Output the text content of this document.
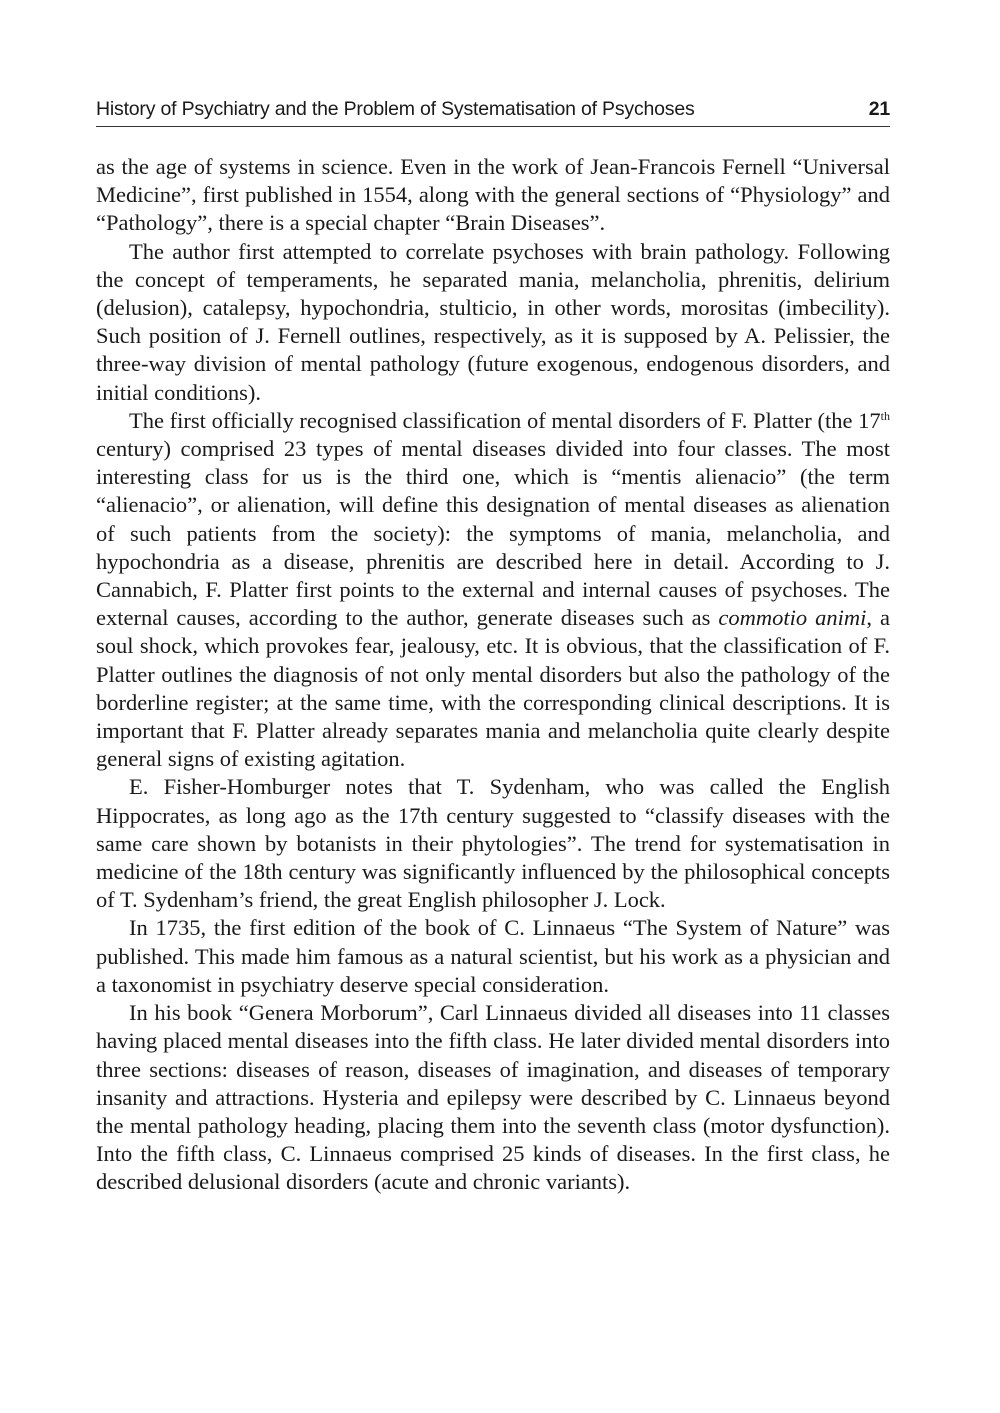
History of Psychiatry and the Problem of Systematisation of Psychoses	21

as the age of systems in science. Even in the work of Jean-Francois Fernell “Universal Medicine”, first published in 1554, along with the general sections of “Physiology” and “Pathology”, there is a special chapter “Brain Diseases”.

The author first attempted to correlate psychoses with brain pathology. Following the concept of temperaments, he separated mania, melancholia, phrenitis, delirium (delusion), catalepsy, hypochondria, stulticio, in other words, morositas (imbecility). Such position of J. Fernell outlines, respectively, as it is supposed by A. Pelissier, the three-way division of mental pathology (future exogenous, endogenous disorders, and initial conditions).

The first officially recognised classification of mental disorders of F. Platter (the 17th century) comprised 23 types of mental diseases divided into four classes. The most interesting class for us is the third one, which is “mentis alienacio” (the term “alienacio”, or alienation, will define this designation of mental diseases as alienation of such patients from the society): the symptoms of mania, melancholia, and hypochondria as a disease, phrenitis are described here in detail. According to J. Cannabich, F. Platter first points to the external and internal causes of psychoses. The external causes, according to the author, generate diseases such as commotio animi, a soul shock, which provokes fear, jealousy, etc. It is obvious, that the classification of F. Platter outlines the diagnosis of not only mental disorders but also the pathology of the borderline register; at the same time, with the corresponding clinical descriptions. It is important that F. Platter already separates mania and melancholia quite clearly despite general signs of existing agitation.

E. Fisher-Homburger notes that T. Sydenham, who was called the English Hippocrates, as long ago as the 17th century suggested to “classify diseases with the same care shown by botanists in their phytologies”. The trend for systematisation in medicine of the 18th century was significantly influenced by the philosophical concepts of T. Sydenham’s friend, the great English philosopher J. Lock.

In 1735, the first edition of the book of C. Linnaeus “The System of Nature” was published. This made him famous as a natural scientist, but his work as a physician and a taxonomist in psychiatry deserve special consideration.

In his book “Genera Morborum”, Carl Linnaeus divided all diseases into 11 classes having placed mental diseases into the fifth class. He later divided mental disorders into three sections: diseases of reason, diseases of imagination, and diseases of temporary insanity and attractions. Hysteria and epilepsy were described by C. Linnaeus beyond the mental pathology heading, placing them into the seventh class (motor dysfunction). Into the fifth class, C. Linnaeus comprised 25 kinds of diseases. In the first class, he described delusional disorders (acute and chronic variants).
